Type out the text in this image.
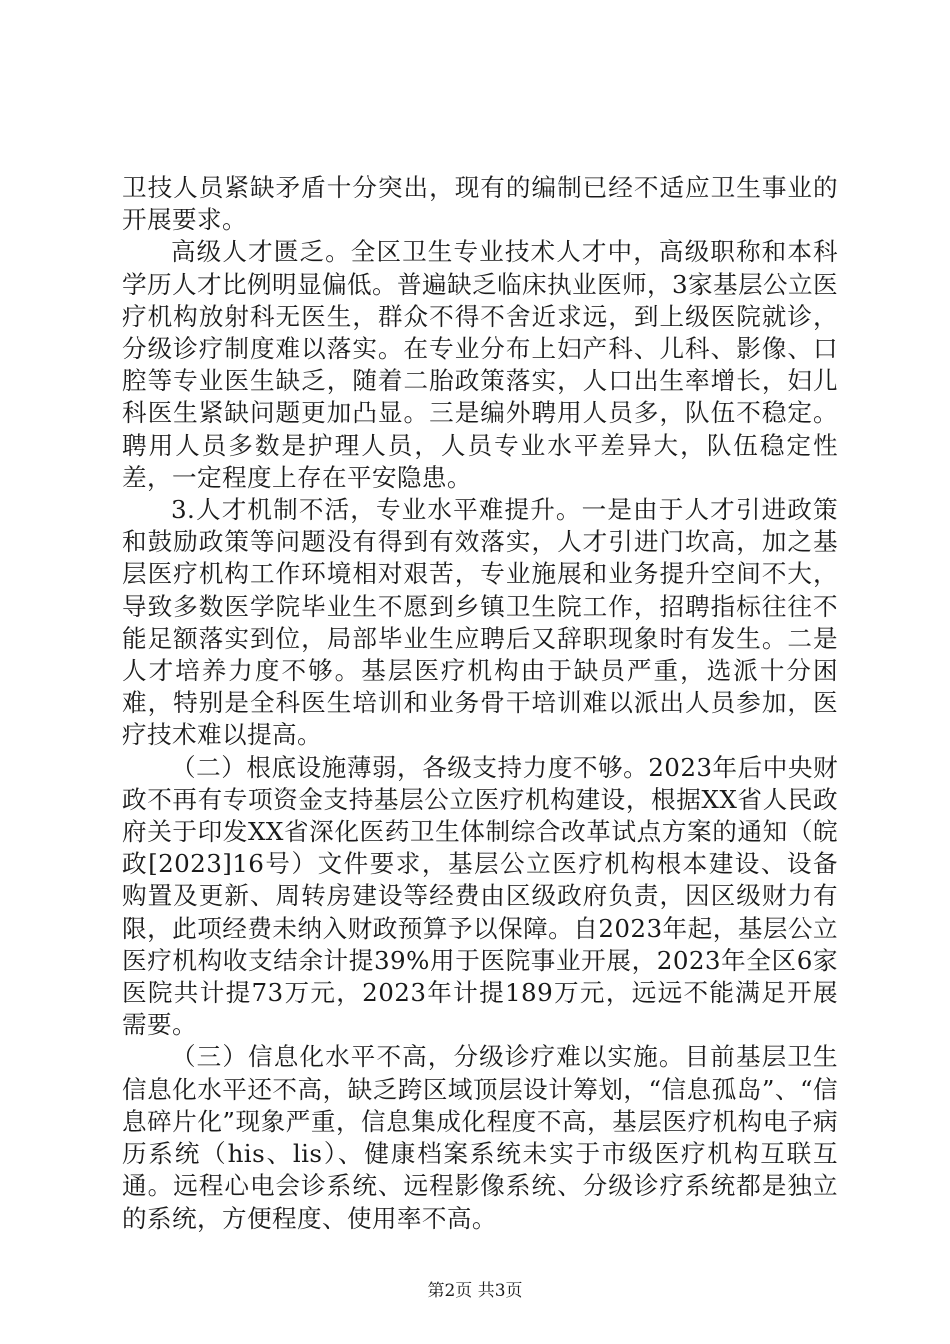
卫技人员紧缺矛盾十分突出，现有的编制已经不适应卫生事业的开展要求。

高级人才匮乏。全区卫生专业技术人才中，高级职称和本科学历人才比例明显偏低。普遍缺乏临床执业医师，3家基层公立医疗机构放射科无医生，群众不得不舍近求远，到上级医院就诊，分级诊疗制度难以落实。在专业分布上妇产科、儿科、影像、口腔等专业医生缺乏，随着二胎政策落实，人口出生率增长，妇儿科医生紧缺问题更加凸显。三是编外聘用人员多，队伍不稳定。聘用人员多数是护理人员，人员专业水平差异大，队伍稳定性差，一定程度上存在平安隐患。

3.人才机制不活，专业水平难提升。一是由于人才引进政策和鼓励政策等问题没有得到有效落实，人才引进门坎高，加之基层医疗机构工作环境相对艰苦，专业施展和业务提升空间不大，导致多数医学院毕业生不愿到乡镇卫生院工作，招聘指标往往不能足额落实到位，局部毕业生应聘后又辞职现象时有发生。二是人才培养力度不够。基层医疗机构由于缺员严重，选派十分困难，特别是全科医生培训和业务骨干培训难以派出人员参加，医疗技术难以提高。

（二）根底设施薄弱，各级支持力度不够。2023年后中央财政不再有专项资金支持基层公立医疗机构建设，根据XX省人民政府关于印发XX省深化医药卫生体制综合改革试点方案的通知（皖政[2023]16号）文件要求，基层公立医疗机构根本建设、设备购置及更新、周转房建设等经费由区级政府负责，因区级财力有限，此项经费未纳入财政预算予以保障。自2023年起，基层公立医疗机构收支结余计提39%用于医院事业开展，2023年全区6家医院共计提73万元，2023年计提189万元，远远不能满足开展需要。

（三）信息化水平不高，分级诊疗难以实施。目前基层卫生信息化水平还不高，缺乏跨区域顶层设计筹划，“信息孤岛”、“信息碎片化”现象严重，信息集成化程度不高，基层医疗机构电子病历系统（his、lis）、健康档案系统未实于市级医疗机构互联互通。远程心电会诊系统、远程影像系统、分级诊疗系统都是独立的系统，方便程度、使用率不高。

第2页 共3页
